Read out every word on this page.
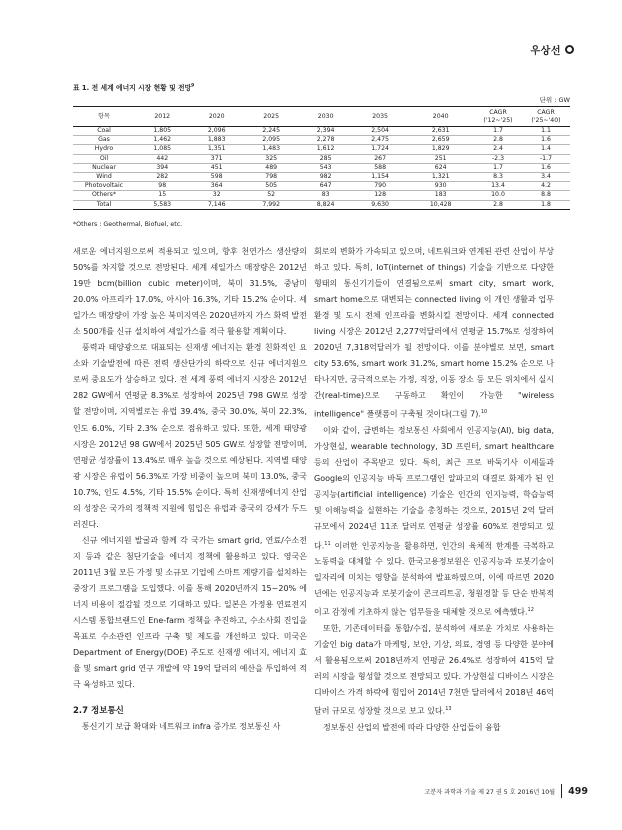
우상선
표 1. 전 세계 에너지 시장 현황 및 전망$^9$
단위 : GW
항목	2012	2020	2025	2030	2035	2040	CAGR ('12~'25)	CAGR ('25~'40)
Coal	1,805	2,096	2,245	2,394	2,504	2,631	1.7	1.1
Gas	1,462	1,883	2,095	2,278	2,475	2,659	2.8	1.6
Hydro	1,085	1,351	1,483	1,612	1,724	1,829	2.4	1.4
Oil	442	371	325	285	267	251	-2.3	-1.7
Nuclear	394	451	489	543	588	624	1.7	1.6
Wind	282	598	798	982	1,154	1,321	8.3	3.4
Photovoltaic	98	364	505	647	790	930	13.4	4.2
Others*	15	32	52	83	128	183	10.0	8.8
Total	5,583	7,146	7,992	8,824	9,630	10,428	2.8	1.8
*Others : Geothermal, Biofuel, etc.

새로운 에너지원으로써 적용되고 있으며, 향후 천연가스 생산량의 50%를 차지할 것으로 전망된다. 세계 셰일가스 매장량은 2012년 19만 bcm(billion cubic meter)이며, 북미 31.5%, 중남미 20.0% 아프리카 17.0%, 아시아 16.3%, 기타 15.2% 순이다. 셰일가스 매장량이 가장 높은 북미지역은 2020년까지 가스 화력 발전소 500개를 신규 설치하여 셰일가스를 적극 활용할 계획이다.

풍력과 태양광으로 대표되는 신재생 에너지는 환경 친화적인 요소와 기술발전에 따른 전력 생산단가의 하락으로 신규 에너지원으로써 중요도가 상승하고 있다. 전 세계 풍력 에너지 시장은 2012년 282 GW에서 연평균 8.3%로 성장하여 2025년 798 GW로 성장할 전망이며, 지역별로는 유럽 39.4%, 중국 30.0%, 북미 22.3%, 인도 6.0%, 기타 2.3% 순으로 점유하고 있다. 또한, 세계 태양광 시장은 2012년 98 GW에서 2025년 505 GW로 성장할 전망이며, 연평균 성장률이 13.4%로 매우 높을 것으로 예상된다. 지역별 태양광 시장은 유럽이 56.3%로 가장 비중이 높으며 북미 13.0%, 중국 10.7%, 인도 4.5%, 기타 15.5% 순이다. 특히 신재생에너지 산업의 성장은 국가의 정책적 지원에 힘입은 유럽과 중국의 강세가 두드러진다.

신규 에너지원 발굴과 함께 각 국가는 smart grid, 연료/수소전지 등과 같은 첨단기술을 에너지 정책에 활용하고 있다. 영국은 2011년 3월 모든 가정 및 소규모 기업에 스마트 계량기를 설치하는 중장기 프로그램을 도입했다. 이를 통해 2020년까지 15~20% 에너지 비용이 절감될 것으로 기대하고 있다. 일본은 가정용 연료전지 시스템 통합브랜드인 Ene-farm 정책을 추진하고, 수소사회 진입을 목표로 수소관련 인프라 구축 및 제도를 개선하고 있다. 미국은 Department of Energy(DOE) 주도로 신재생 에너지, 에너지 효율 및 smart grid 연구 개발에 약 19억 달러의 예산을 투입하여 적극 육성하고 있다.

2.7 정보통신

통신기기 보급 확대와 네트워크 infra 증가로 정보통신 사

회로의 변화가 가속되고 있으며, 네트워크와 연계된 관련 산업이 부상하고 있다. 특히, IoT(internet of things) 기술을 기반으로 다양한 형태의 통신기기들이 연결됨으로써 smart city, smart work, smart home으로 대변되는 connected living 이 개인 생활과 업무환경 및 도시 전체 인프라를 변화시킬 전망이다. 세계 connected living 시장은 2012년 2,277억달러에서 연평균 15.7%로 성장하여 2020년 7,318억달러가 될 전망이다. 이를 분야별로 보면, smart city 53.6%, smart work 31.2%, smart home 15.2% 순으로 나타나지만, 궁극적으로는 가정, 직장, 이동 장소 등 모든 위치에서 실시간(real-time)으로 구동하고 확인이 가능한 "wireless intelligence" 플랫폼이 구축될 것이다(그림 7).$^{10}$

이와 같이, 급변하는 정보통신 사회에서 인공지능(AI), big data, 가상현실, wearable technology, 3D 프린터, smart healthcare 등의 산업이 주목받고 있다. 특히, 최근 프로 바둑기사 이세돌과 Google의 인공지능 바둑 프로그램인 알파고의 대결로 화제가 된 인공지능(artificial intelligence) 기술은 인간의 인지능력, 학습능력 및 이해능력을 실현하는 기술을 총칭하는 것으로, 2015년 2억 달러 규모에서 2024년 11조 달러로 연평균 성장률 60%로 전망되고 있다.$^{11}$ 이러한 인공지능을 활용하면, 인간의 육체적 한계를 극복하고 노동력을 대체할 수 있다. 한국고용정보원은 인공지능과 로봇기술이 일자리에 미치는 영향을 분석하여 발표하였으며, 이에 따르면 2020년에는 인공지능과 로봇기술이 콘크리트공, 청원경찰 등 단순 반복적이고 감정에 기초하지 않는 업무들을 대체할 것으로 예측했다.$^{12}$

또한, 기존데이터를 통합/수집, 분석하여 새로운 가치로 사용하는 기술인 big data가 마케팅, 보안, 기상, 의료, 경영 등 다양한 분야에서 활용됨으로써 2018년까지 연평균 26.4%로 성장하여 415억 달러의 시장을 형성할 것으로 전망되고 있다. 가상현실 디바이스 시장은 디바이스 가격 하락에 힘입어 2014년 7천만 달러에서 2018년 46억 달러 규모로 성장할 것으로 보고 있다.$^{13}$

정보통신 산업의 발전에 따라 다양한 산업들이 융합

고분자 과학과 기술 제 27 권 5 호 2016년 10월 499
